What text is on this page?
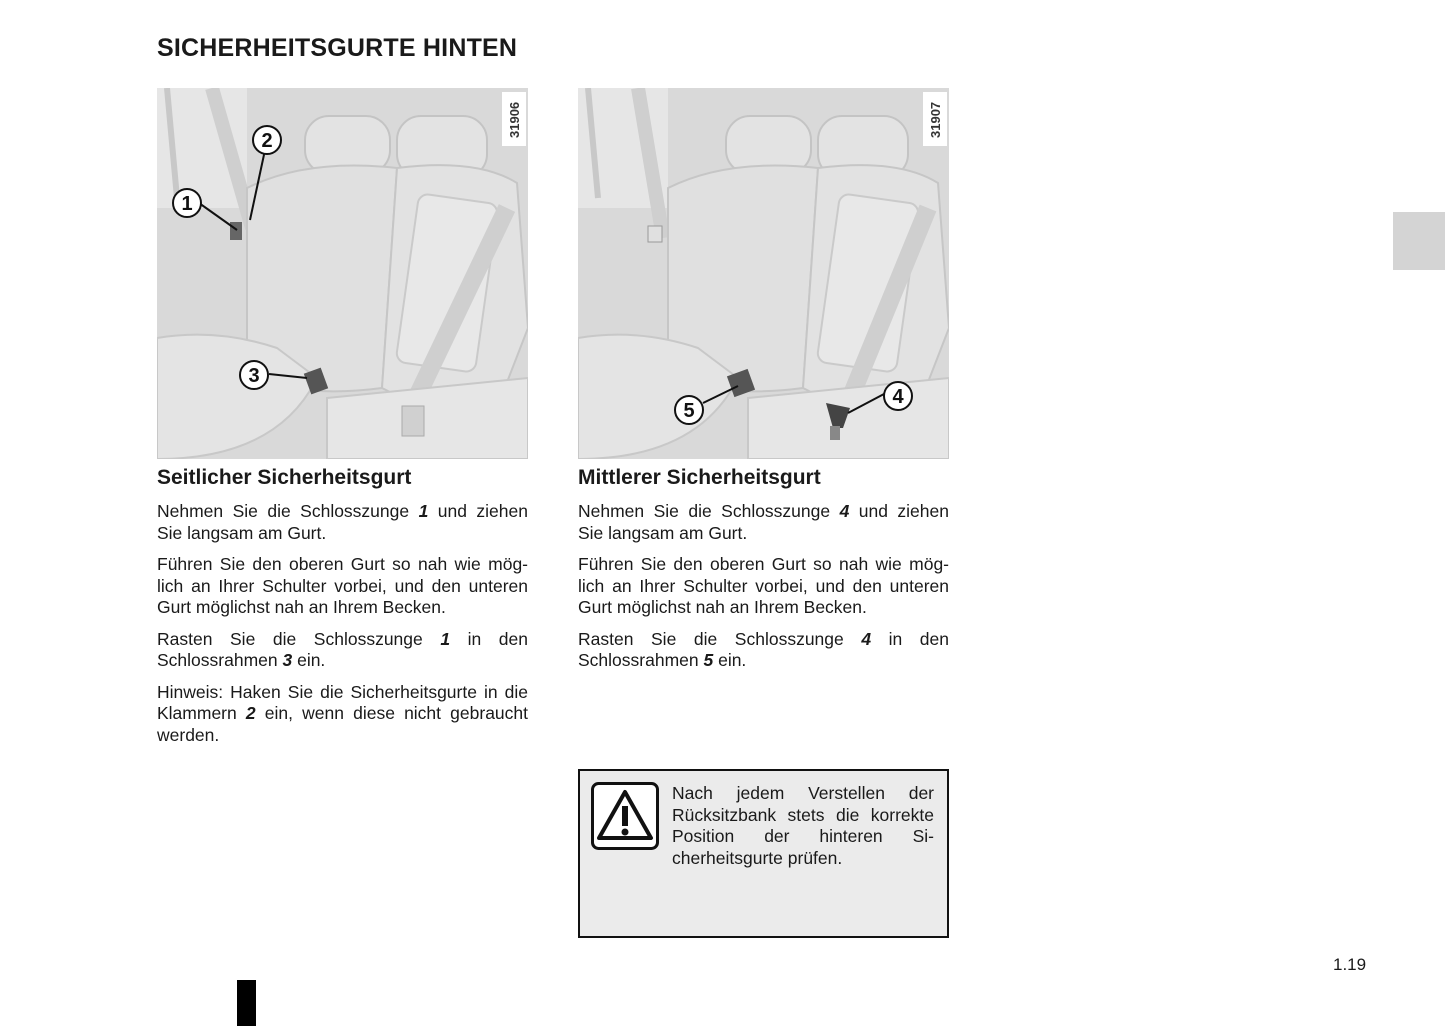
SICHERHEITSGURTE HINTEN
31906
1
2
3
31907
4
5
Seitlicher Sicherheitsgurt

Nehmen Sie die Schlosszunge 1 und ziehen Sie langsam am Gurt.

Führen Sie den oberen Gurt so nah wie möglich an Ihrer Schulter vorbei, und den unteren Gurt möglichst nah an Ihrem Becken.

Rasten Sie die Schlosszunge 1 in den Schlossrahmen 3 ein.

Hinweis: Haken Sie die Sicherheitsgurte in die Klammern 2 ein, wenn diese nicht gebraucht werden.

Mittlerer Sicherheitsgurt

Nehmen Sie die Schlosszunge 4 und ziehen Sie langsam am Gurt.

Führen Sie den oberen Gurt so nah wie möglich an Ihrer Schulter vorbei, und den unteren Gurt möglichst nah an Ihrem Becken.

Rasten Sie die Schlosszunge 4 in den Schlossrahmen 5 ein.

Nach jedem Verstellen der Rücksitzbank stets die korrekte Position der hinteren Sicherheitsgurte prüfen.

1.19
